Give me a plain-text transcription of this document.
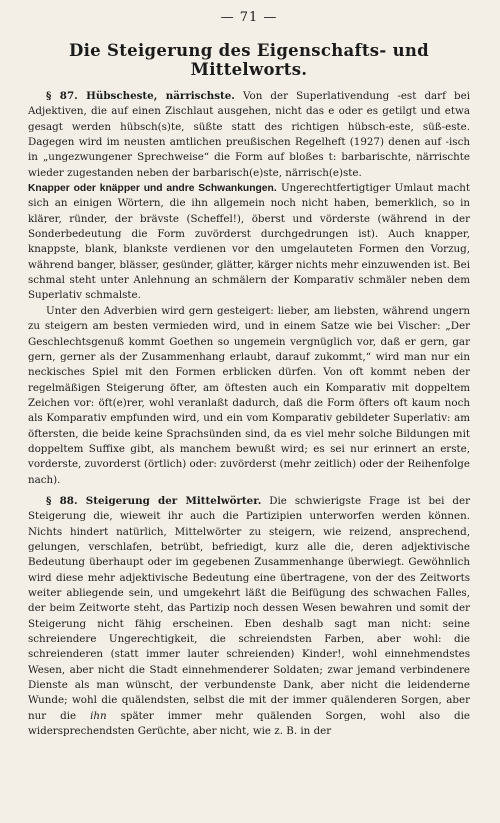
— 71 —
Die Steigerung des Eigenschafts- und Mittelworts.

§ 87. Hübscheste, närrischste. Von der Superlativendung -est darf bei Adjektiven, die auf einen Zischlaut ausgehen, nicht das e oder es getilgt und etwa gesagt werden hübsch(s)te, süßte statt des richtigen hübsch-este, süß-este. Dagegen wird im neusten amtlichen preußischen Regelheft (1927) denen auf -isch in „ungezwungener Sprechweise“ die Form auf bloßes t: barbarischte, närrischte wieder zugestanden neben der barbarisch(e)ste, närrisch(e)ste.

Knapper oder knäpper und andre Schwankungen. Ungerechtfertigtiger Umlaut macht sich an einigen Wörtern, die ihn allgemein noch nicht haben, bemerklich, so in klärer, ründer, der brävste (Scheffel!), öberst und vörderste (während in der Sonderbedeutung die Form zuvörderst durchgedrungen ist). Auch knapper, knappste, blank, blankste verdienen vor den umgelauteten Formen den Vorzug, während banger, blässer, gesünder, glätter, kärger nichts mehr einzuwenden ist. Bei schmal steht unter Anlehnung an schmälern der Komparativ schmäler neben dem Superlativ schmalste.

Unter den Adverbien wird gern gesteigert: lieber, am liebsten, während ungern zu steigern am besten vermieden wird, und in einem Satze wie bei Vischer: „Der Geschlechtsgenuß kommt Goethen so ungemein vergnüglich vor, daß er gern, gar gern, gerner als der Zusammenhang erlaubt, darauf zukommt,“ wird man nur ein neckisches Spiel mit den Formen erblicken dürfen. Von oft kommt neben der regelmäßigen Steigerung öfter, am öftesten auch ein Komparativ mit doppeltem Zeichen vor: öft(e)rer, wohl veranlaßt dadurch, daß die Form öfters oft kaum noch als Komparativ empfunden wird, und ein vom Komparativ gebildeter Superlativ: am öftersten, die beide keine Sprachsünden sind, da es viel mehr solche Bildungen mit doppeltem Suffixe gibt, als manchem bewußt wird; es sei nur erinnert an erste, vorderste, zuvorderst (örtlich) oder: zuvörderst (mehr zeitlich) oder der Reihenfolge nach).

§ 88. Steigerung der Mittelwörter. Die schwierigste Frage ist bei der Steigerung die, wieweit ihr auch die Partizipien unterworfen werden können. Nichts hindert natürlich, Mittelwörter zu steigern, wie reizend, ansprechend, gelungen, verschlafen, betrübt, befriedigt, kurz alle die, deren adjektivische Bedeutung überhaupt oder im gegebenen Zusammenhange überwiegt. Gewöhnlich wird diese mehr adjektivische Bedeutung eine übertragene, von der des Zeitworts weiter abliegende sein, und umgekehrt läßt die Beifügung des schwachen Falles, der beim Zeitworte steht, das Partizip noch dessen Wesen bewahren und somit der Steigerung nicht fähig erscheinen. Eben deshalb sagt man nicht: seine schreiendere Ungerechtigkeit, die schreiendsten Farben, aber wohl: die schreienderen (statt immer lauter schreienden) Kinder!, wohl einnehmendstes Wesen, aber nicht die Stadt einnehmenderer Soldaten; zwar jemand verbindenere Dienste als man wünscht, der verbundenste Dank, aber nicht die leidenderne Wunde; wohl die quälendsten, selbst die mit der immer quälenderen Sorgen, aber nur die ihn später immer mehr quälenden Sorgen, wohl also die widersprechendsten Gerüchte, aber nicht, wie z. B. in der
